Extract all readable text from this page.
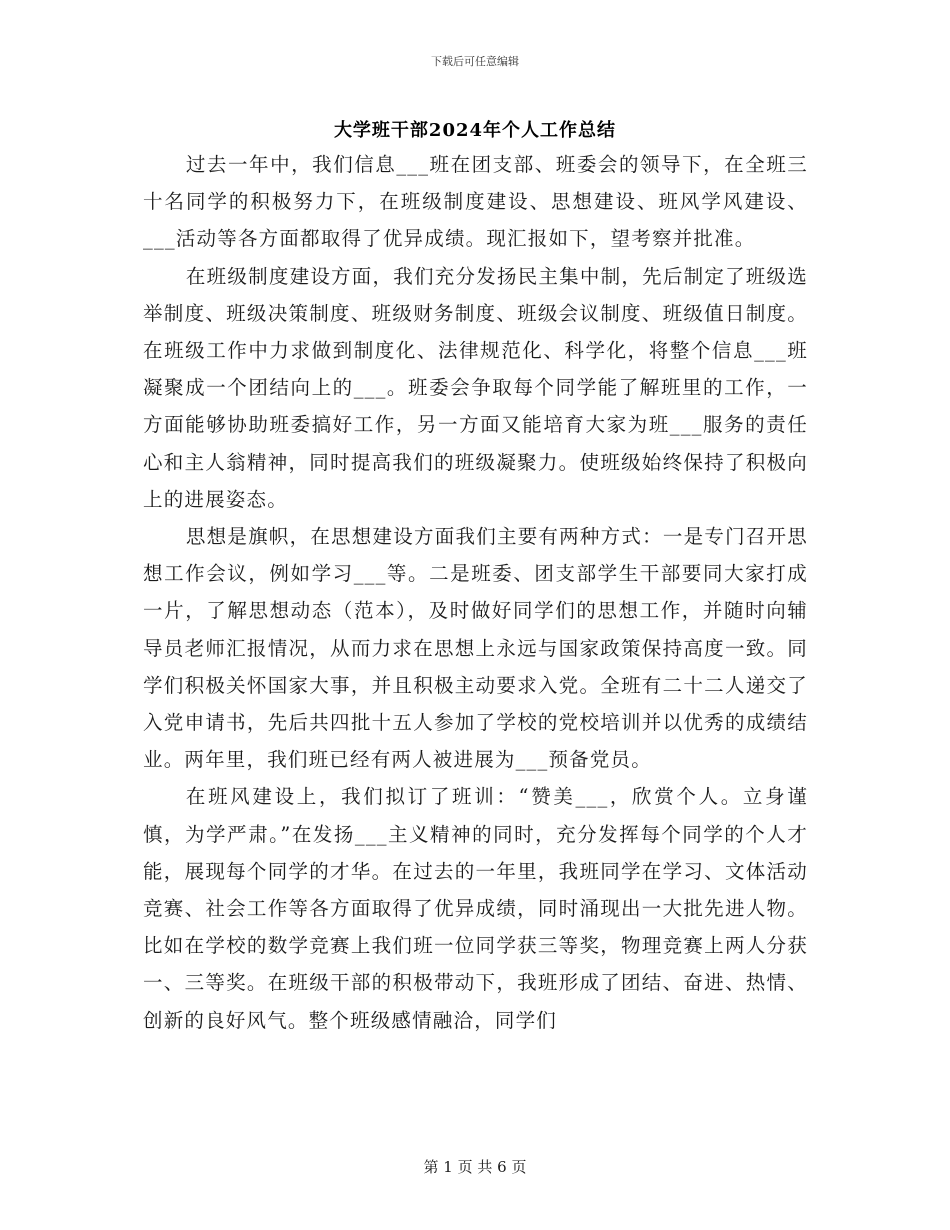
下载后可任意编辑
大学班干部2024年个人工作总结

过去一年中，我们信息___班在团支部、班委会的领导下，在全班三十名同学的积极努力下，在班级制度建设、思想建设、班风学风建设、___活动等各方面都取得了优异成绩。现汇报如下，望考察并批准。

在班级制度建设方面，我们充分发扬民主集中制，先后制定了班级选举制度、班级决策制度、班级财务制度、班级会议制度、班级值日制度。在班级工作中力求做到制度化、法律规范化、科学化，将整个信息___班凝聚成一个团结向上的___。班委会争取每个同学能了解班里的工作，一方面能够协助班委搞好工作，另一方面又能培育大家为班___服务的责任心和主人翁精神，同时提高我们的班级凝聚力。使班级始终保持了积极向上的进展姿态。

思想是旗帜，在思想建设方面我们主要有两种方式：一是专门召开思想工作会议，例如学习___等。二是班委、团支部学生干部要同大家打成一片，了解思想动态（范本），及时做好同学们的思想工作，并随时向辅导员老师汇报情况，从而力求在思想上永远与国家政策保持高度一致。同学们积极关怀国家大事，并且积极主动要求入党。全班有二十二人递交了入党申请书，先后共四批十五人参加了学校的党校培训并以优秀的成绩结业。两年里，我们班已经有两人被进展为___预备党员。

在班风建设上，我们拟订了班训：“赞美___，欣赏个人。立身谨慎，为学严肃。”在发扬___主义精神的同时，充分发挥每个同学的个人才能，展现每个同学的才华。在过去的一年里，我班同学在学习、文体活动竞赛、社会工作等各方面取得了优异成绩，同时涌现出一大批先进人物。比如在学校的数学竞赛上我们班一位同学获三等奖，物理竞赛上两人分获一、三等奖。在班级干部的积极带动下，我班形成了团结、奋进、热情、创新的良好风气。整个班级感情融洽，同学们

第 1 页 共 6 页
